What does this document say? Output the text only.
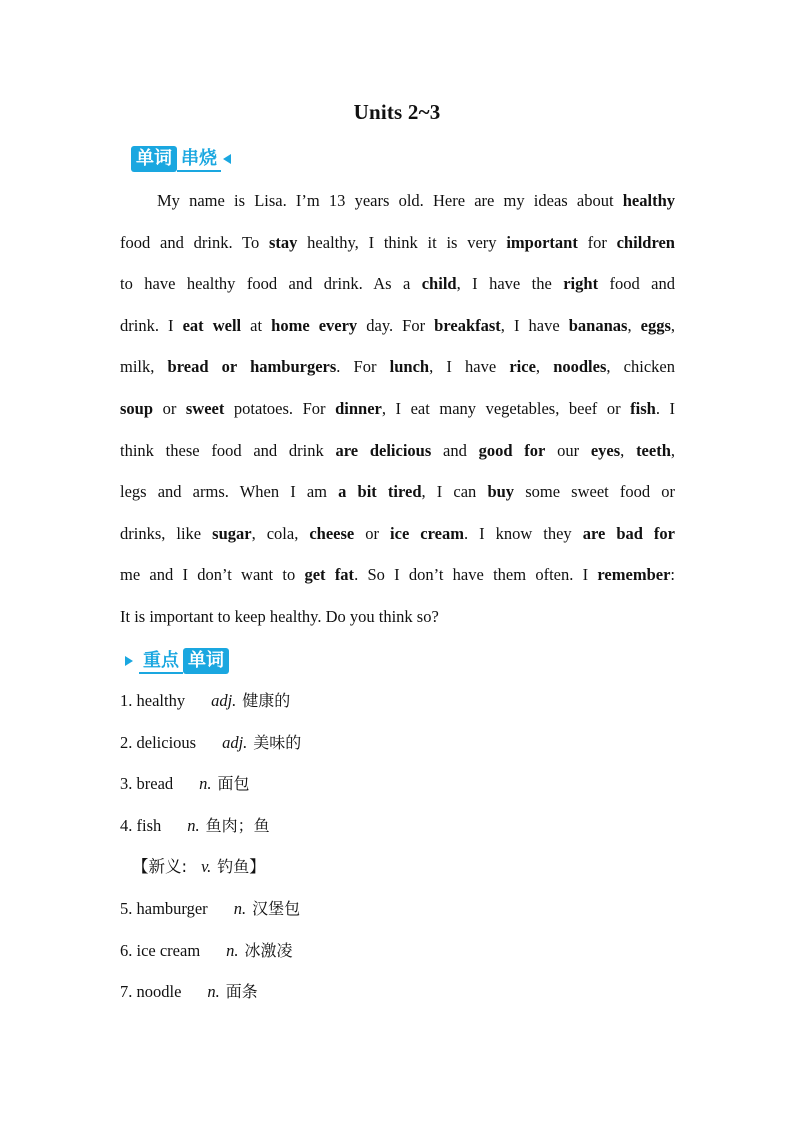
Units 2~3
单词 串烧
My name is Lisa. I’m 13 years old. Here are my ideas about healthy
food and drink. To stay healthy, I think it is very important for children
to have healthy food and drink. As a child, I have the right food and
drink. I eat well at home every day. For breakfast, I have bananas, eggs,
milk, bread or hamburgers. For lunch, I have rice, noodles, chicken
soup or sweet potatoes. For dinner, I eat many vegetables, beef or fish. I
think these food and drink are delicious and good for our eyes, teeth,
legs and arms. When I am a bit tired, I can buy some sweet food or
drinks, like sugar, cola, cheese or ice cream. I know they are bad for
me and I don’t want to get fat. So I don’t have them often. I remember:
It is important to keep healthy. Do you think so?
重点 单词
1. healthy adj. 健康的
2. delicious adj. 美味的
3. bread n. 面包
4. fish n. 鱼肉；鱼
【新义: v. 钓鱼】
5. hamburger n. 汉堡包
6. ice cream n. 冰激凌
7. noodle n. 面条
